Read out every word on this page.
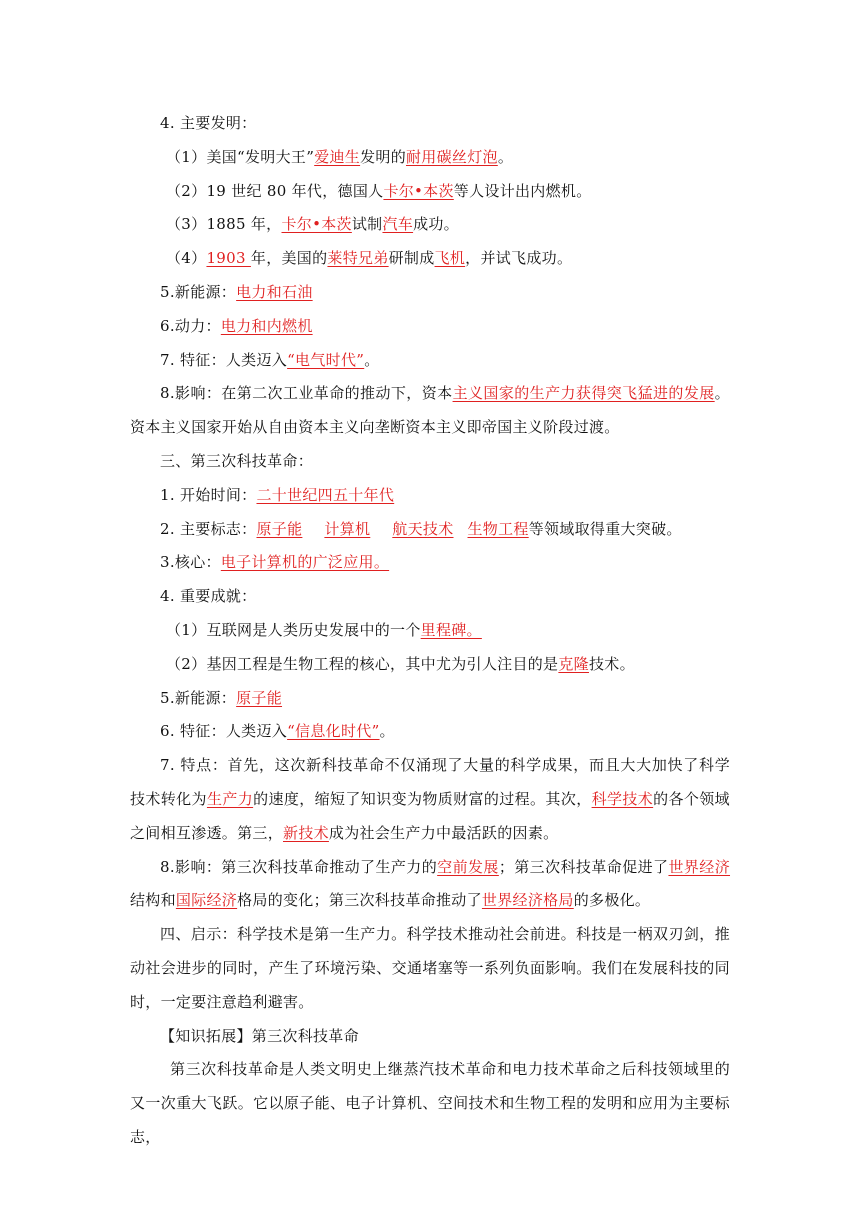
4. 主要发明：

（1）美国“发明大王”爱迪生发明的耐用碳丝灯泡。

（2）19 世纪 80 年代，德国人卡尔•本茨等人设计出内燃机。

（3）1885 年，卡尔•本茨试制汽车成功。

（4）1903 年，美国的莱特兄弟研制成飞机，并试飞成功。

5.新能源：电力和石油

6.动力：电力和内燃机

7. 特征：人类迈入“电气时代”。

8.影响：在第二次工业革命的推动下，资本主义国家的生产力获得突飞猛进的发展。资本主义国家开始从自由资本主义向垄断资本主义即帝国主义阶段过渡。

三、第三次科技革命：

1. 开始时间：二十世纪四五十年代

2. 主要标志：原子能 计算机 航天技术 生物工程等领域取得重大突破。

3.核心：电子计算机的广泛应用。

4. 重要成就：

（1）互联网是人类历史发展中的一个里程碑。

（2）基因工程是生物工程的核心，其中尤为引人注目的是克隆技术。

5.新能源：原子能

6. 特征：人类迈入“信息化时代”。

7. 特点：首先，这次新科技革命不仅涌现了大量的科学成果，而且大大加快了科学技术转化为生产力的速度，缩短了知识变为物质财富的过程。其次，科学技术的各个领域之间相互渗透。第三，新技术成为社会生产力中最活跃的因素。

8.影响：第三次科技革命推动了生产力的空前发展；第三次科技革命促进了世界经济结构和国际经济格局的变化；第三次科技革命推动了世界经济格局的多极化。

四、启示：科学技术是第一生产力。科学技术推动社会前进。科技是一柄双刃剑，推动社会进步的同时，产生了环境污染、交通堵塞等一系列负面影响。我们在发展科技的同时，一定要注意趋利避害。

【知识拓展】第三次科技革命

第三次科技革命是人类文明史上继蒸汽技术革命和电力技术革命之后科技领域里的又一次重大飞跃。它以原子能、电子计算机、空间技术和生物工程的发明和应用为主要标志，
